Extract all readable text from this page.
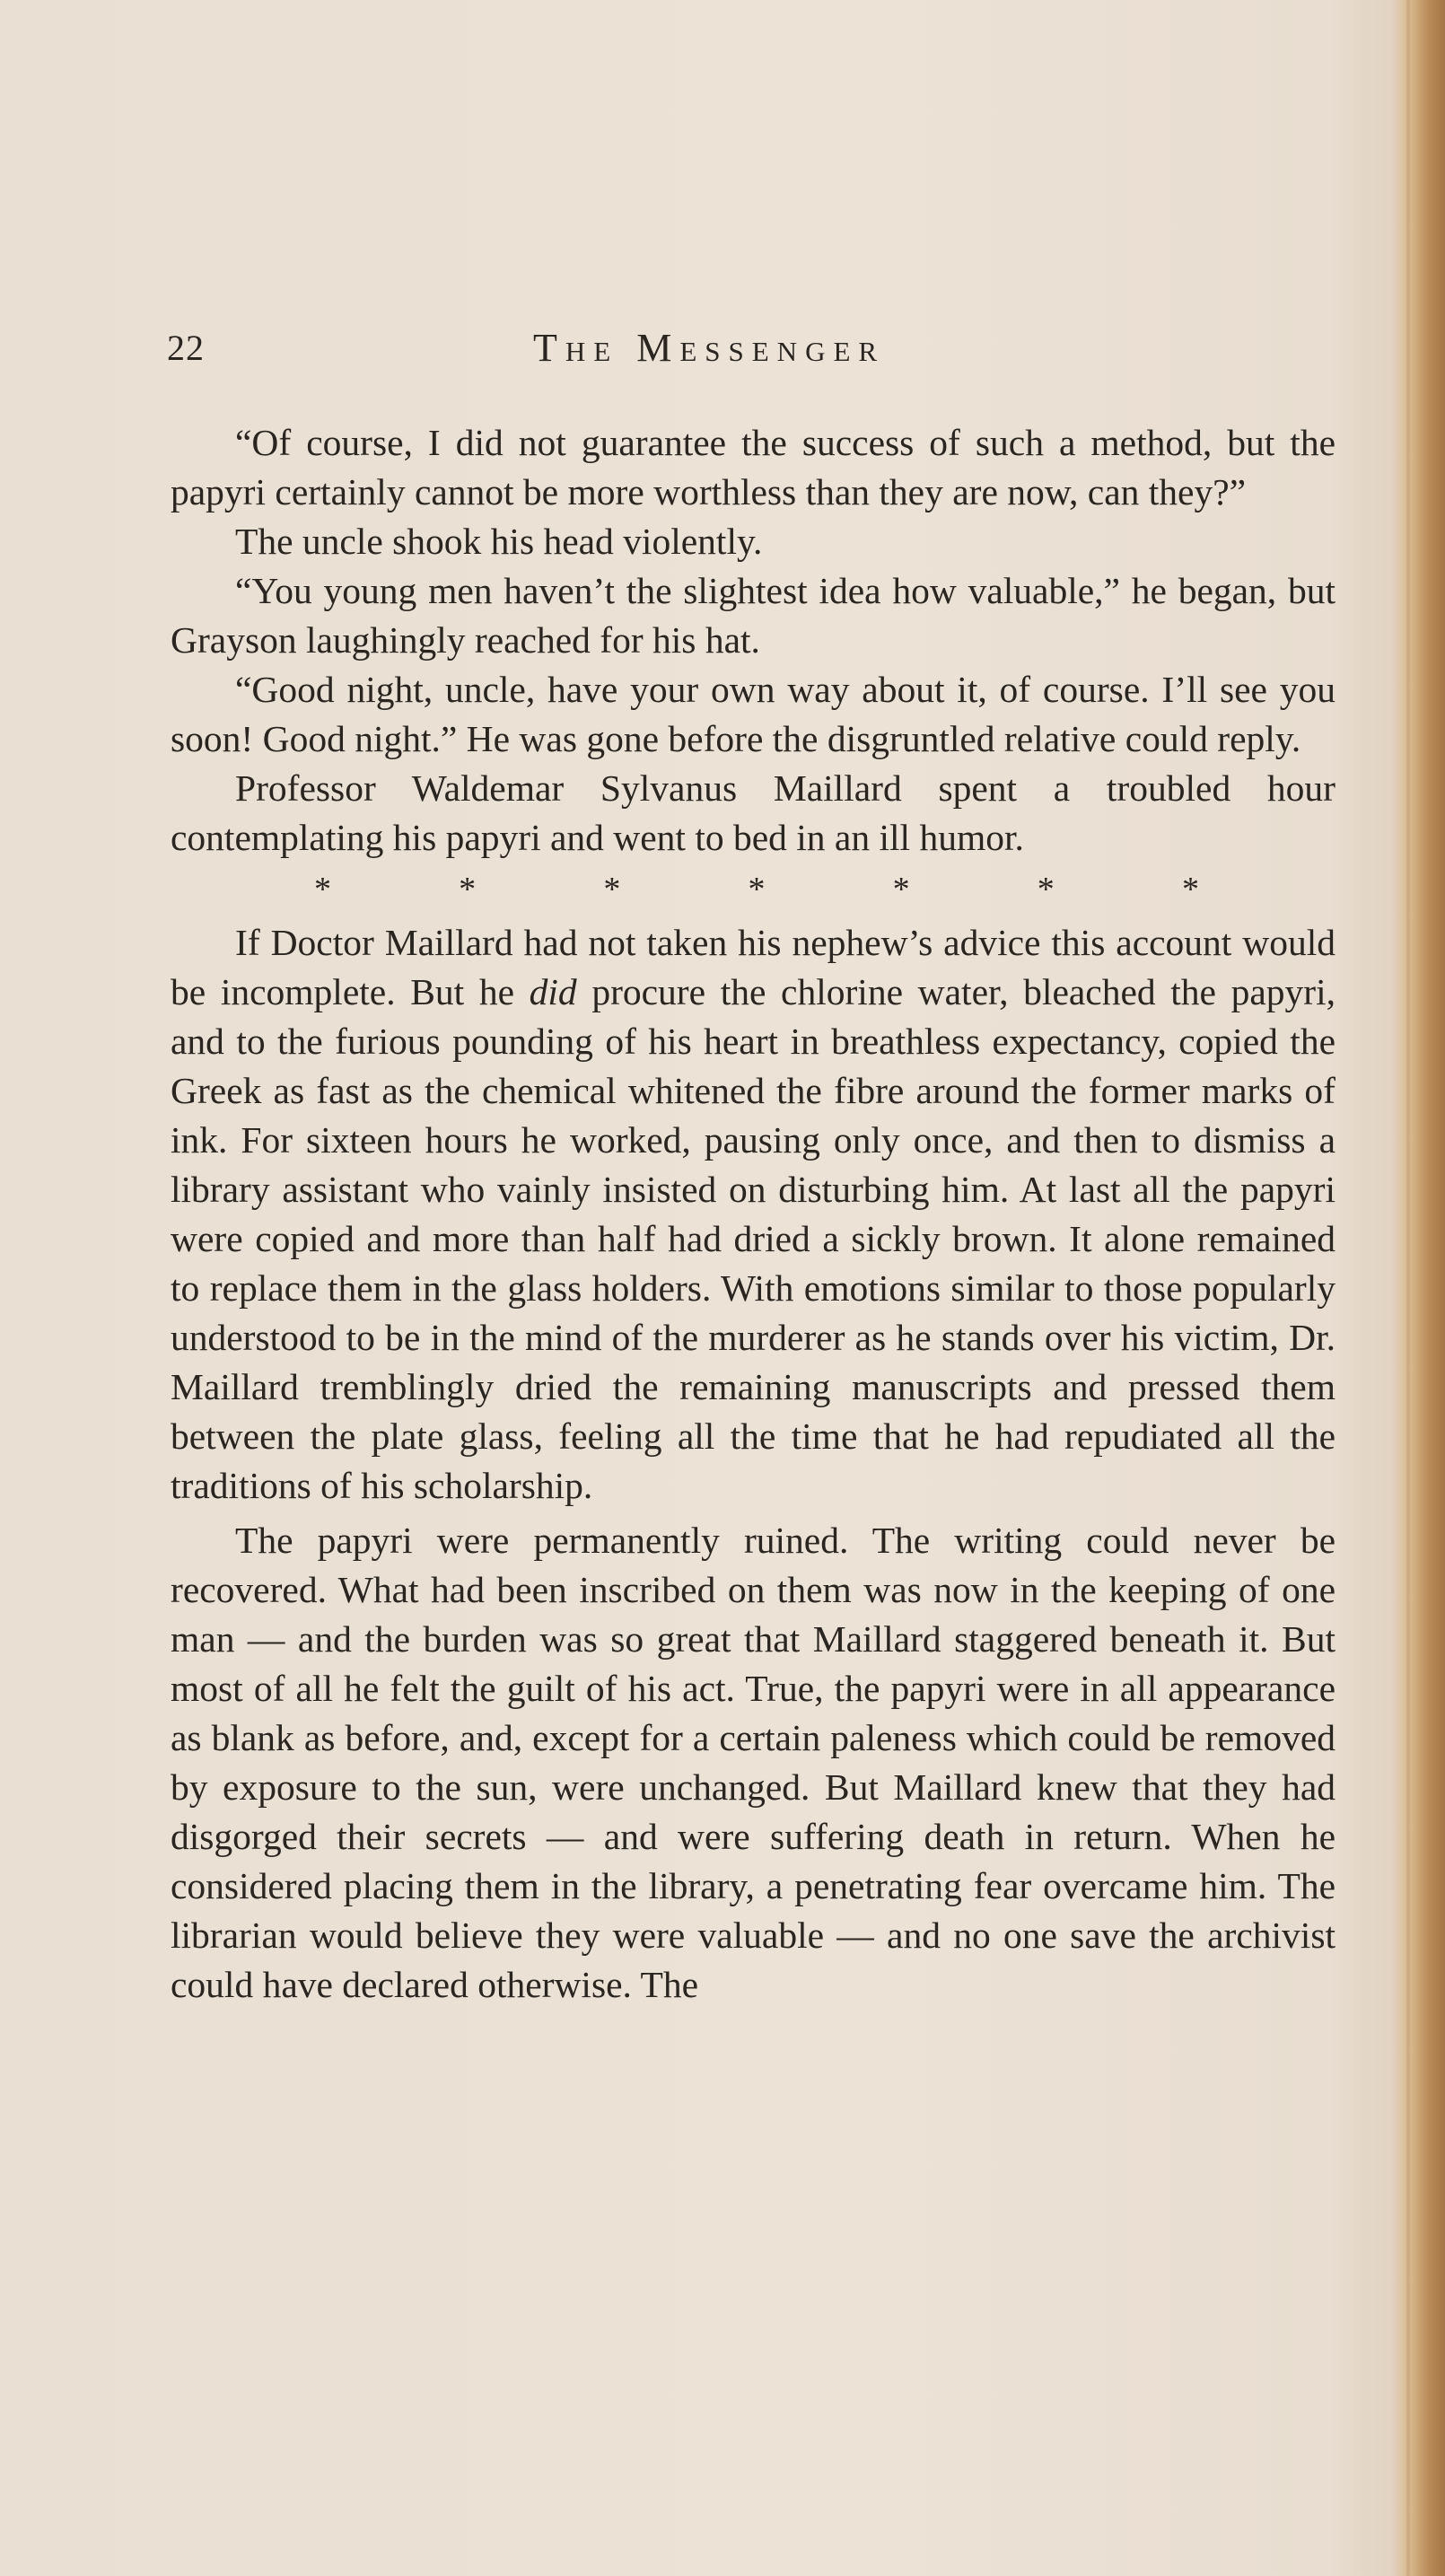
22	The Messenger

“Of course, I did not guarantee the success of such a method, but the papyri certainly cannot be more worthless than they are now, can they?”

The uncle shook his head violently.

“You young men haven’t the slightest idea how valuable,” he began, but Grayson laughingly reached for his hat.

“Good night, uncle, have your own way about it, of course. I’ll see you soon! Good night.” He was gone before the disgruntled relative could reply.

Professor Waldemar Sylvanus Maillard spent a troubled hour contemplating his papyri and went to bed in an ill humor.

*	*	*	*	*	*	*

If Doctor Maillard had not taken his nephew’s advice this account would be incomplete. But he did procure the chlorine water, bleached the papyri, and to the furious pounding of his heart in breathless expectancy, copied the Greek as fast as the chemical whitened the fibre around the former marks of ink. For sixteen hours he worked, pausing only once, and then to dismiss a library assistant who vainly insisted on disturbing him. At last all the papyri were copied and more than half had dried a sickly brown. It alone remained to replace them in the glass holders. With emotions similar to those popularly understood to be in the mind of the murderer as he stands over his victim, Dr. Maillard tremblingly dried the remaining manuscripts and pressed them between the plate glass, feeling all the time that he had repudiated all the traditions of his scholarship.

The papyri were permanently ruined. The writing could never be recovered. What had been inscribed on them was now in the keeping of one man — and the burden was so great that Maillard staggered beneath it. But most of all he felt the guilt of his act. True, the papyri were in all appearance as blank as before, and, except for a certain paleness which could be removed by exposure to the sun, were unchanged. But Maillard knew that they had disgorged their secrets — and were suffering death in return. When he considered placing them in the library, a penetrating fear overcame him. The librarian would believe they were valuable — and no one save the archivist could have declared otherwise. The
